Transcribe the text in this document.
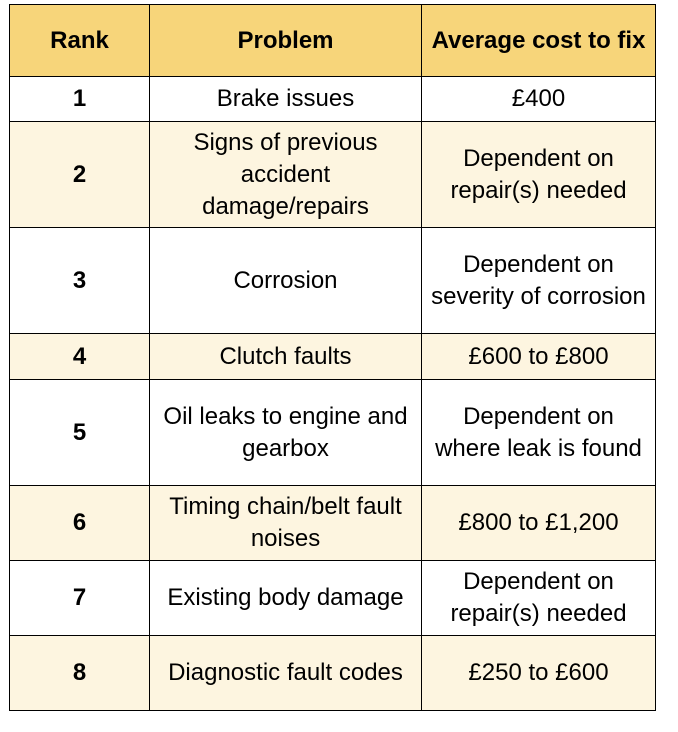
Rank	Problem	Average cost to fix
1	Brake issues	£400
2	Signs of previous accident damage/repairs	Dependent on repair(s) needed
3	Corrosion	Dependent on severity of corrosion
4	Clutch faults	£600 to £800
5	Oil leaks to engine and gearbox	Dependent on where leak is found
6	Timing chain/belt fault noises	£800 to £1,200
7	Existing body damage	Dependent on repair(s) needed
8	Diagnostic fault codes	£250 to £600
